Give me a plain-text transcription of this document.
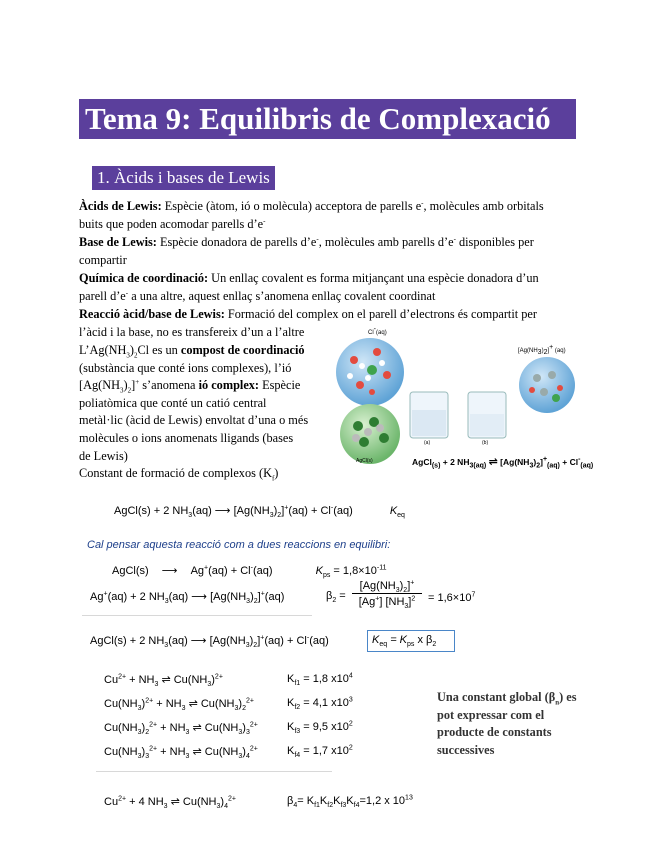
Tema 9: Equilibris de Complexació
1. Àcids i bases de Lewis
Àcids de Lewis: Espècie (àtom, ió o molècula) acceptora de parells e-, molècules amb orbitals
buits que poden acomodar parells d’e-
Base de Lewis: Espècie donadora de parells d’e-, molècules amb parells d’e- disponibles per
compartir
Química de coordinació: Un enllaç covalent es forma mitjançant una espècie donadora d’un
parell d’e- a una altre, aquest enllaç s’anomena enllaç covalent coordinat
Reacció àcid/base de Lewis: Formació del complex on el parell d’electrons és compartit per
l’àcid i la base, no es transfereix d’un a l’altre
$L’Ag(NH_3)_2Cl$ es un compost de coordinació
(substància que conté ions complexes), l’ió
$[Ag(NH_3)_2]^+$ s’anomena ió complex: Espècie
poliatòmica que conté un catió central
metàl·lic (àcid de Lewis) envoltat d’una o més
molècules o ions anomenats lligands (bases
de Lewis)
Constant de formació de complexos $(K_f)$
Cl-(aq)
$[Ag(NH_3)_2]^+$ (aq)
AgCl(s)
(a)	(b)
AgCl$_{(s)}$ + 2 $NH_{3(aq)}$ ⇌ $[Ag(NH_3)_2]^+_{(aq)} + Cl^-_{(aq)}$
AgCl(s) + 2 $NH_3(aq)$ ⟶ $[Ag(NH_3)_2]^+(aq) + Cl^-(aq)$	$K_{eq}$
Cal pensar aquesta reacció com a dues reaccions en equilibri:
AgCl(s) ⟶ Ag+(aq) + Cl-(aq)	$K_{ps} = 1,8\times 10^{-11}$
Ag+(aq) + 2 $NH_3(aq)$ ⟶ $[Ag(NH_3)_2]^+(aq)$	$\beta_2$ =
$[Ag(NH_3)_2]^+$
[Ag+] $[NH_3]^2$	= $1,6\times 10^7$
AgCl(s) + 2 $NH_3(aq)$ ⟶ $[Ag(NH_3)_2]^+(aq) + Cl^-(aq)$	$K_{eq} = K_{ps}$ x $\beta_2$
$Cu^{2+} + NH_3$ ⇌ $Cu(NH_3)^{2+}$	$K_{f1} = 1,8$ $x10^4$
$Cu(NH_3)^{2+} + NH_3$ ⇌ $Cu(NH_3)_2^{2+}$	$K_{f2} = 4,1$ $x10^3$
$Cu(NH_3)_2^{2+} + NH_3$ ⇌ $Cu(NH_3)_3^{2+}$	$K_{f3} = 9,5$ $x10^2$
$Cu(NH_3)_3^{2+} + NH_3$ ⇌ $Cu(NH_3)_4^{2+}$	$K_{f4} = 1,7$ $x10^2$
Una constant global $(\beta_n)$ es
pot expressar com el
producte de constants
successives
$Cu^{2+} + 4$ $NH_3$ ⇌ $Cu(NH_3)_4^{2+}$	$\beta_4= K_{f1}K_{f2}K_{f3}K_{f4}=1,2$ x $10^{13}$
